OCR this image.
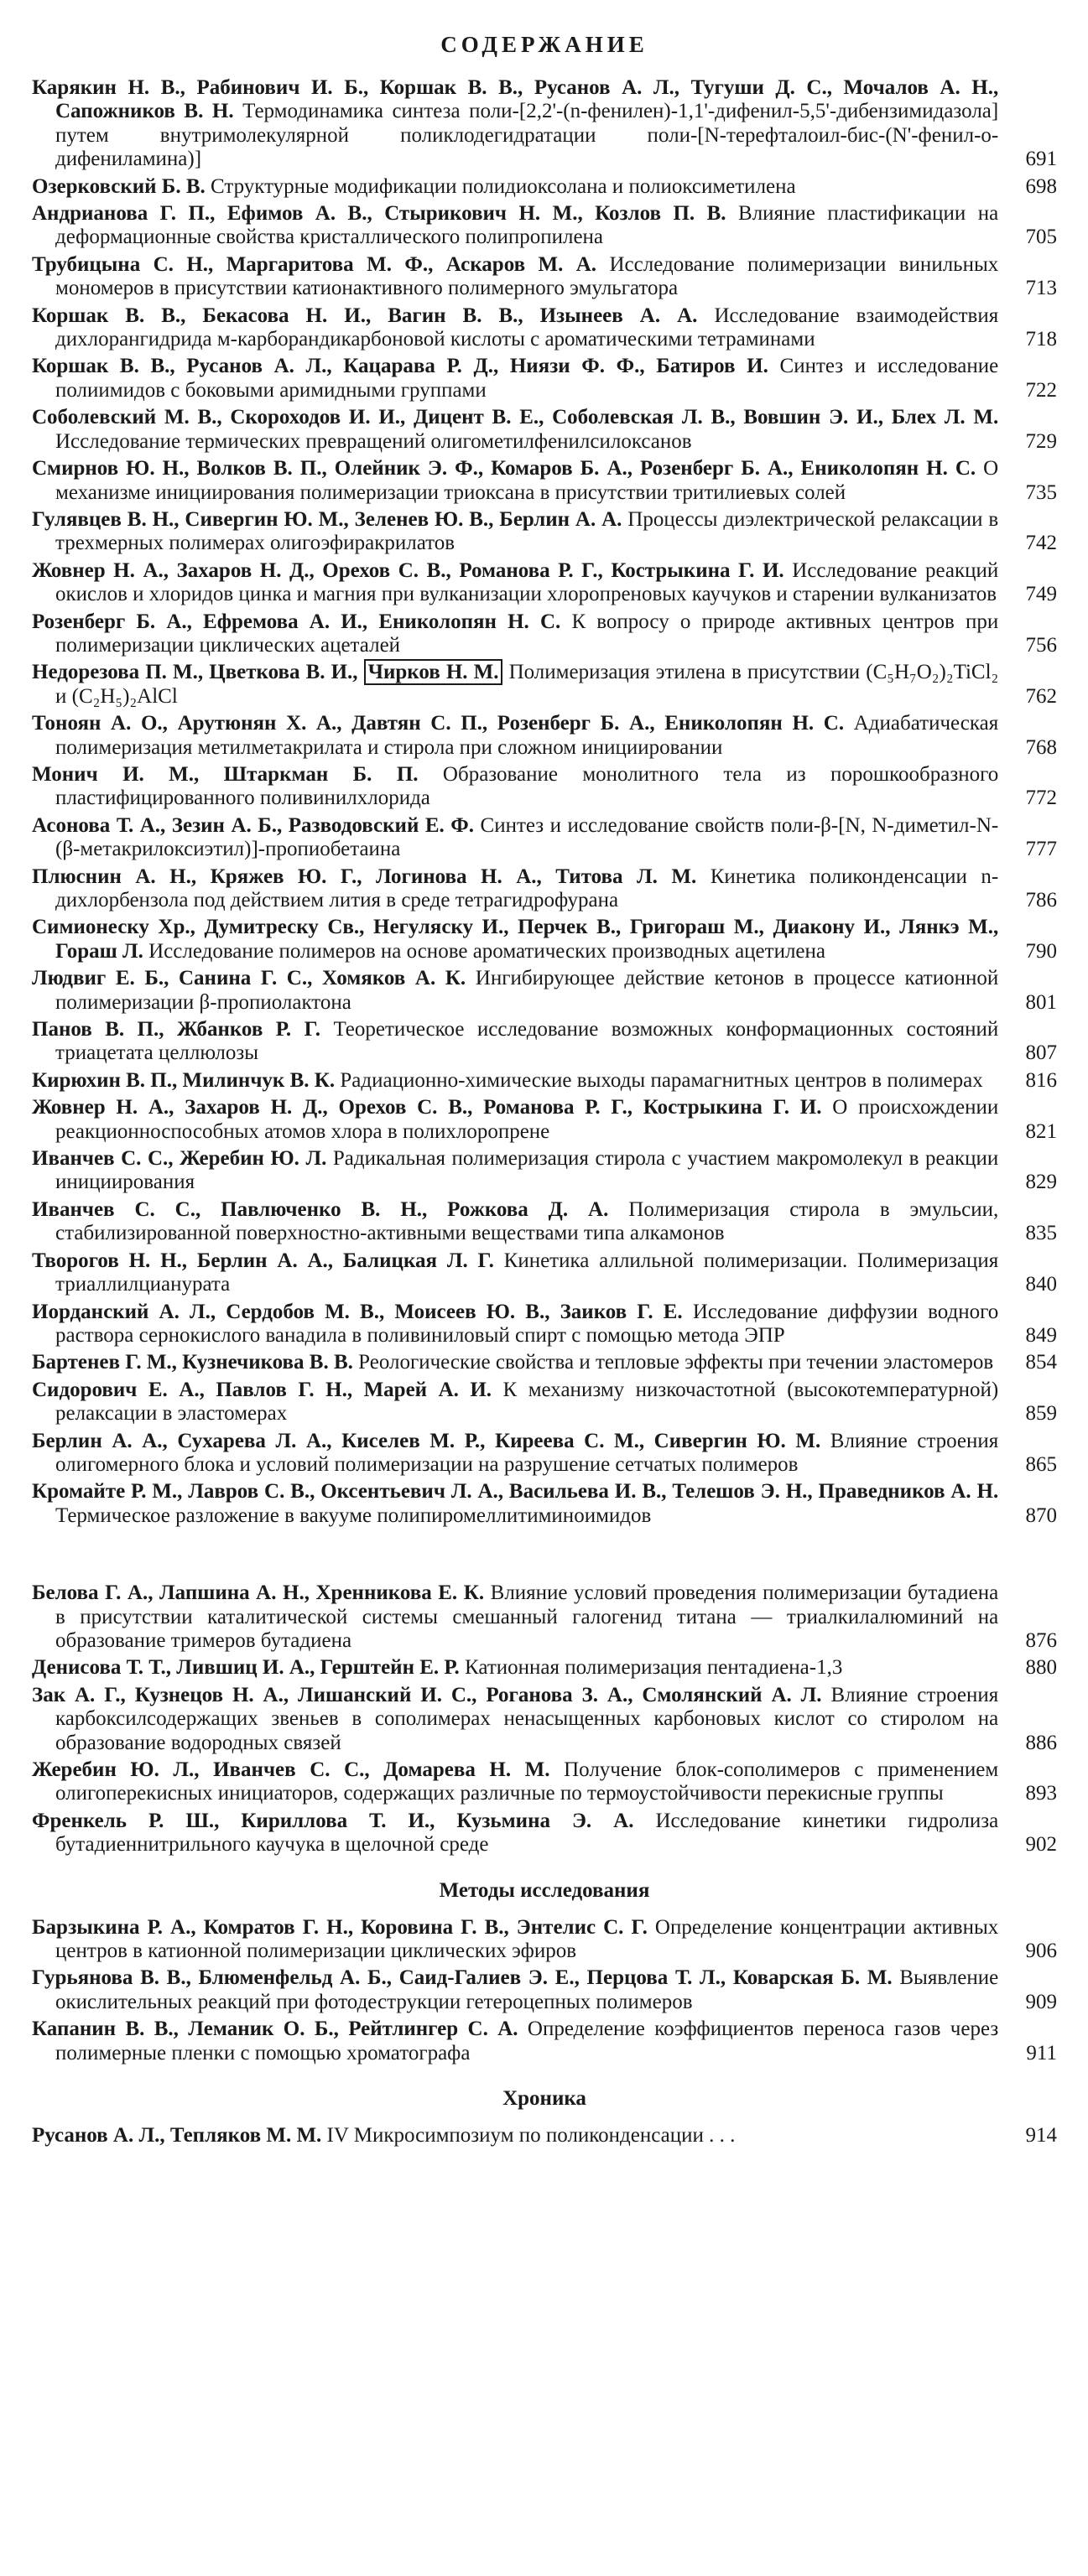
СОДЕРЖАНИЕ
Карякин Н. В., Рабинович И. Б., Коршак В. В., Русанов А. Л., Тугуши Д. С., Мочалов А. Н., Сапожников В. Н. Термодинамика синтеза поли-[2,2'-(n-фенилен)-1,1'-дифенил-5,5'-дибензимидазола] путем внутримолекулярной поликлодегидратации поли-[N-терефталоил-бис-(N'-фенил-о-дифениламина)]	691
Озерковский Б. В. Структурные модификации полидиоксолана и полиоксиметилена	698
Андрианова Г. П., Ефимов А. В., Стырикович Н. М., Козлов П. В. Влияние пластификации на деформационные свойства кристаллического полипропилена	705
Трубицына С. Н., Маргаритова М. Ф., Аскаров М. А. Исследование полимеризации винильных мономеров в присутствии катионактивного полимерного эмульгатора	713
Коршак В. В., Бекасова Н. И., Вагин В. В., Изынеев А. А. Исследование взаимодействия дихлорангидрида м-карборандикарбоновой кислоты с ароматическими тетраминами	718
Коршак В. В., Русанов А. Л., Кацарава Р. Д., Ниязи Ф. Ф., Батиров И. Синтез и исследование полиимидов с боковыми аримидными группами	722
Соболевский М. В., Скороходов И. И., Дицент В. Е., Соболевская Л. В., Вовшин Э. И., Блех Л. М. Исследование термических превращений олигометилфенилсилоксанов	729
Смирнов Ю. Н., Волков В. П., Олейник Э. Ф., Комаров Б. А., Розенберг Б. А., Ениколопян Н. С. О механизме инициирования полимеризации триоксана в присутствии тритилиевых солей	735
Гулявцев В. Н., Сивергин Ю. М., Зеленев Ю. В., Берлин А. А. Процессы диэлектрической релаксации в трехмерных полимерах олигоэфиракрилатов	742
Жовнер Н. А., Захаров Н. Д., Орехов С. В., Романова Р. Г., Кострыкина Г. И. Исследование реакций окислов и хлоридов цинка и магния при вулканизации хлоропреновых каучуков и старении вулканизатов	749
Розенберг Б. А., Ефремова А. И., Ениколопян Н. С. К вопросу о природе активных центров при полимеризации циклических ацеталей	756
Недорезова П. М., Цветкова В. И., Чирков Н. М. Полимеризация этилена в присутствии (C₅H₇O₂)₂TiCl₂ и (C₂H₅)₂AlCl	762
Тоноян А. О., Арутюнян Х. А., Давтян С. П., Розенберг Б. А., Ениколопян Н. С. Адиабатическая полимеризация метилметакрилата и стирола при сложном инициировании	768
Монич И. М., Штаркман Б. П. Образование монолитного тела из порошкообразного пластифицированного поливинилхлорида	772
Асонова Т. А., Зезин А. Б., Разводовский Е. Ф. Синтез и исследование свойств поли-β-[N, N-диметил-N-(β-метакрилоксиэтил)]-пропиобетаина	777
Плюснин А. Н., Кряжев Ю. Г., Логинова Н. А., Титова Л. М. Кинетика поликонденсации n-дихлорбензола под действием лития в среде тетрагидрофурана	786
Симионеску Хр., Думитреску Св., Негуляску И., Перчек В., Григораш М., Диакону И., Лянкэ М., Гораш Л. Исследование полимеров на основе ароматических производных ацетилена	790
Людвиг Е. Б., Санина Г. С., Хомяков А. К. Ингибирующее действие кетонов в процессе катионной полимеризации β-пропиолактона	801
Панов В. П., Жбанков Р. Г. Теоретическое исследование возможных конформационных состояний триацетата целлюлозы	807
Кирюхин В. П., Милинчук В. К. Радиационно-химические выходы парамагнитных центров в полимерах	816
Жовнер Н. А., Захаров Н. Д., Орехов С. В., Романова Р. Г., Кострыкина Г. И. О происхождении реакционноспособных атомов хлора в полихлоропрене	821
Иванчев С. С., Жеребин Ю. Л. Радикальная полимеризация стирола с участием макромолекул в реакции инициирования	829
Иванчев С. С., Павлюченко В. Н., Рожкова Д. А. Полимеризация стирола в эмульсии, стабилизированной поверхностно-активными веществами типа алкамонов	835
Творогов Н. Н., Берлин А. А., Балицкая Л. Г. Кинетика аллильной полимеризации. Полимеризация триаллилцианурата	840
Иорданский А. Л., Сердобов М. В., Моисеев Ю. В., Заиков Г. Е. Исследование диффузии водного раствора сернокислого ванадила в поливиниловый спирт с помощью метода ЭПР	849
Бартенев Г. М., Кузнечикова В. В. Реологические свойства и тепловые эффекты при течении эластомеров	854
Сидорович Е. А., Павлов Г. Н., Марей А. И. К механизму низкочастотной (высокотемпературной) релаксации в эластомерах	859
Берлин А. А., Сухарева Л. А., Киселев М. Р., Киреева С. М., Сивергин Ю. М. Влияние строения олигомерного блока и условий полимеризации на разрушение сетчатых полимеров	865
Кромайте Р. М., Лавров С. В., Оксентьевич Л. А., Васильева И. В., Телешов Э. Н., Праведников А. Н. Термическое разложение в вакууме полипиромеллитиминоимидов	870
Белова Г. А., Лапшина А. Н., Хренникова Е. К. Влияние условий проведения полимеризации бутадиена в присутствии каталитической системы смешанный галогенид титана — триалкилалюминий на образование тримеров бутадиена	876
Денисова Т. Т., Лившиц И. А., Герштейн Е. Р. Катионная полимеризация пентадиена-1,3	880
Зак А. Г., Кузнецов Н. А., Лишанский И. С., Роганова З. А., Смолянский А. Л. Влияние строения карбоксилсодержащих звеньев в сополимерах ненасыщенных карбоновых кислот со стиролом на образование водородных связей	886
Жеребин Ю. Л., Иванчев С. С., Домарева Н. М. Получение блок-сополимеров с применением олигоперекисных инициаторов, содержащих различные по термоустойчивости перекисные группы	893
Френкель Р. Ш., Кириллова Т. И., Кузьмина Э. А. Исследование кинетики гидролиза бутадиеннитрильного каучука в щелочной среде	902
Методы исследования
Барзыкина Р. А., Комратов Г. Н., Коровина Г. В., Энтелис С. Г. Определение концентрации активных центров в катионной полимеризации циклических эфиров	906
Гурьянова В. В., Блюменфельд А. Б., Саид-Галиев Э. Е., Перцова Т. Л., Коварская Б. М. Выявление окислительных реакций при фотодеструкции гетероцепных полимеров	909
Капанин В. В., Леманик О. Б., Рейтлингер С. А. Определение коэффициентов переноса газов через полимерные пленки с помощью хроматографа	911
Хроника
Русанов А. Л., Тепляков М. М. IV Микросимпозиум по поликонденсации . . .	914
